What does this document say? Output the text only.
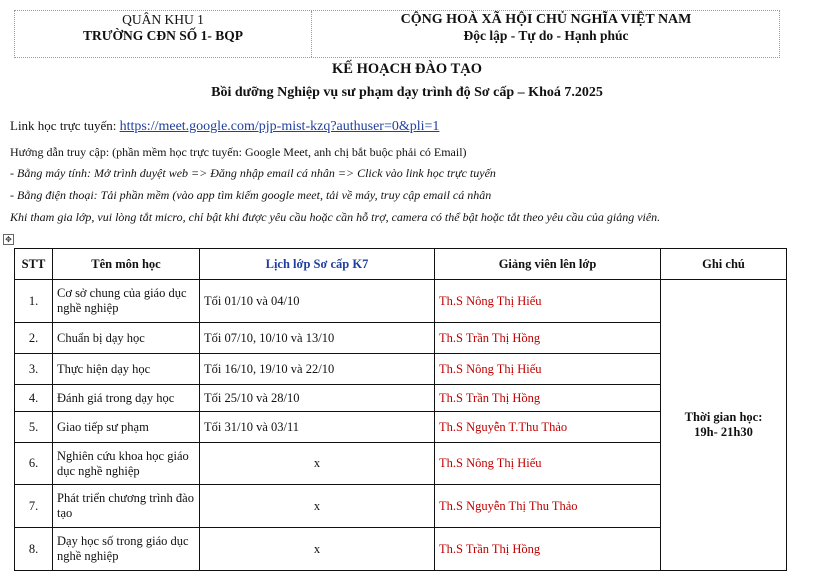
QUÂN KHU 1
TRƯỜNG CĐN SỐ 1- BQP
CỘNG HOÀ XÃ HỘI CHỦ NGHĨA VIỆT NAM
Độc lập - Tự do - Hạnh phúc
KẾ HOẠCH ĐÀO TẠO
Bồi dưỡng Nghiệp vụ sư phạm dạy trình độ Sơ cấp – Khoá 7.2025
Link học trực tuyến: https://meet.google.com/pjp-mist-kzq?authuser=0&pli=1
Hướng dẫn truy cập: (phần mềm học trực tuyến: Google Meet, anh chị bắt buộc phải có Email)
- Bằng máy tính: Mở trình duyệt web => Đăng nhập email cá nhân => Click vào link học trực tuyến
- Bằng điện thoại: Tải phần mềm (vào app tìm kiếm google meet, tải về máy, truy cập email cá nhân
Khi tham gia lớp, vui lòng tắt micro, chỉ bật khi được yêu cầu hoặc cần hỗ trợ, camera có thể bật hoặc tắt theo yêu cầu của giảng viên.
✥
STT	Tên môn học	Lịch lớp Sơ cấp K7	Giảng viên lên lớp	Ghi chú
1.	Cơ sở chung của giáo dục nghề nghiệp	Tối 01/10 và 04/10	Th.S Nông Thị Hiếu	Thời gian học:
19h- 21h30

2.	Chuẩn bị dạy học	Tối 07/10, 10/10 và 13/10	Th.S Trần Thị Hồng	
3.	Thực hiện dạy học	Tối 16/10, 19/10 và 22/10	Th.S Nông Thị Hiếu	
4.	Đánh giá trong dạy học	Tối 25/10 và 28/10	Th.S Trần Thị Hồng	
5.	Giao tiếp sư phạm	Tối 31/10 và 03/11	Th.S Nguyễn T.Thu Thảo	
6.	Nghiên cứu khoa học giáo dục nghề nghiệp	x	Th.S Nông Thị Hiếu	
7.	Phát triển chương trình đào tạo	x	Th.S Nguyễn Thị Thu Thảo	
8.	Dạy học số trong giáo dục nghề nghiệp	x	Th.S Trần Thị Hồng	
